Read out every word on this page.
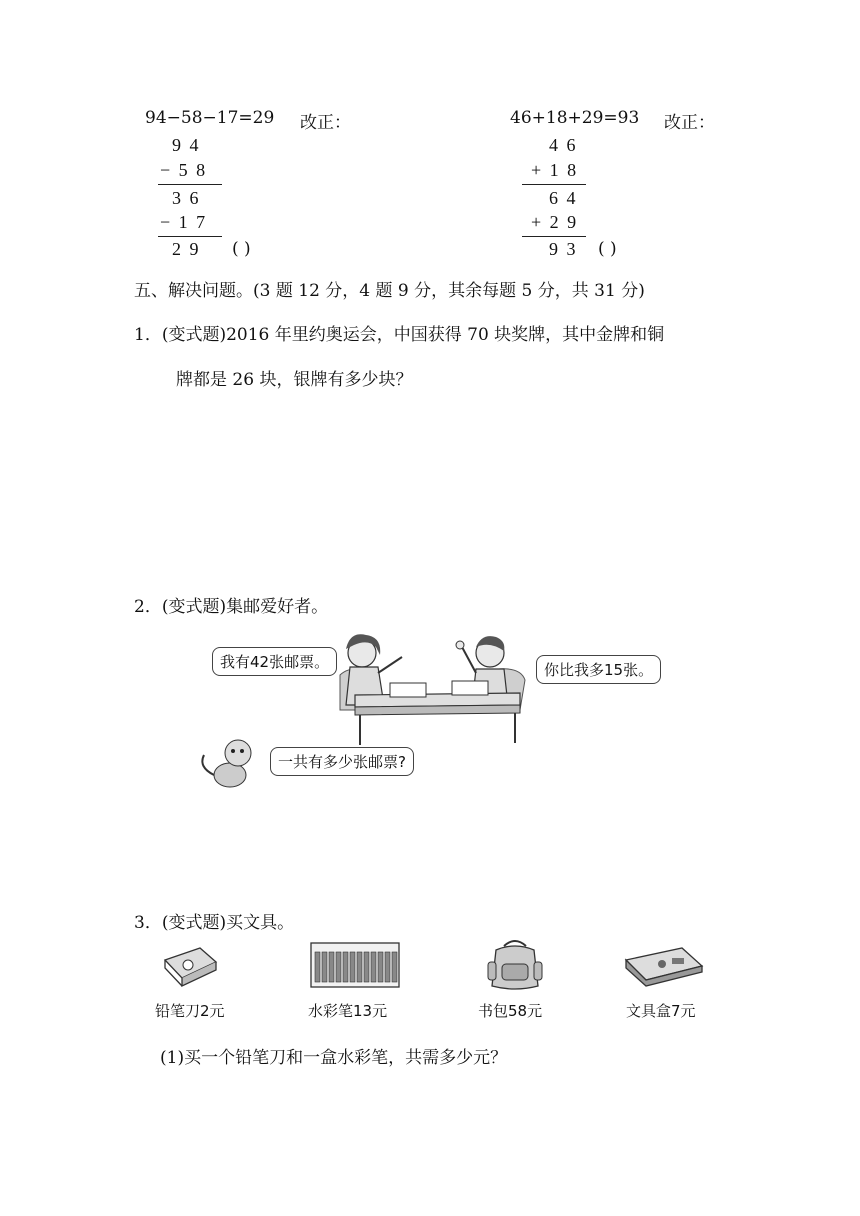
94−58−17=29 改正：
9 4
− 5 8
3 6
− 1 7
2 9 ( )
46+18+29=93 改正：
4 6
+ 1 8
6 4
+ 2 9
9 3 ( )
五、解决问题。(3 题 12 分，4 题 9 分，其余每题 5 分，共 31 分)
1．(变式题)2016 年里约奥运会，中国获得 70 块奖牌，其中金牌和铜
牌都是 26 块，银牌有多少块？
2．(变式题)集邮爱好者。
我有42张邮票。	你比我多15张。
一共有多少张邮票?
3．(变式题)买文具。
铅笔刀2元	水彩笔13元	书包58元	文具盒7元
(1)买一个铅笔刀和一盒水彩笔，共需多少元？
